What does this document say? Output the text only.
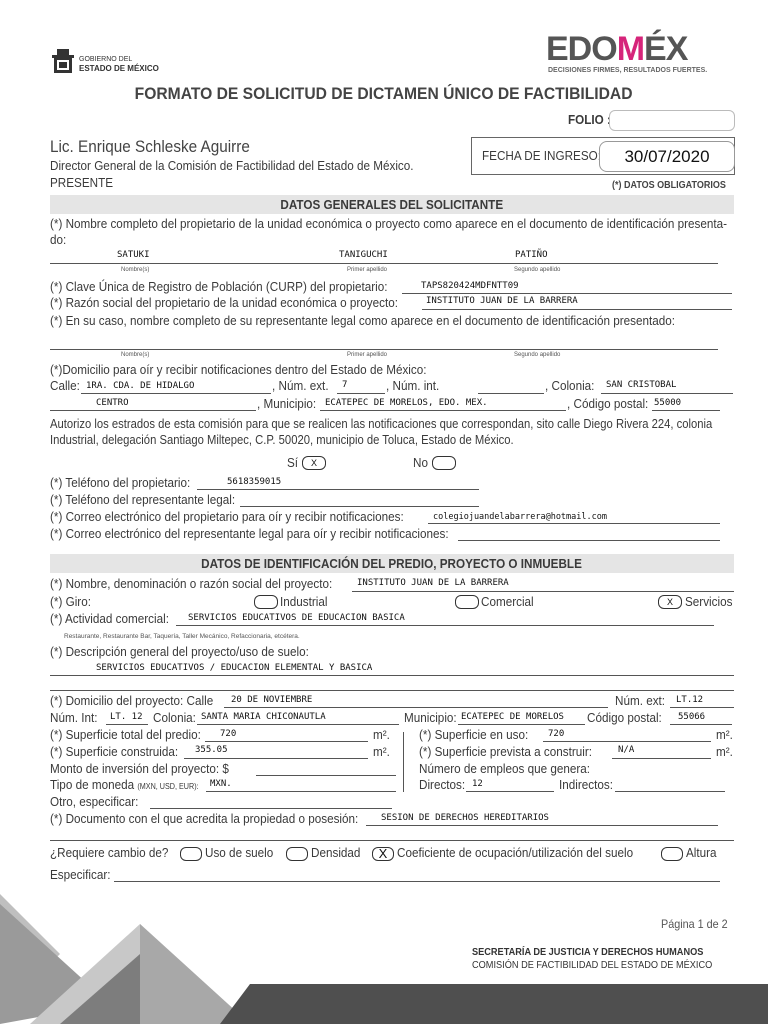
GOBIERNO DEL
ESTADO DE MÉXICO
EDOMÉX
DECISIONES FIRMES, RESULTADOS FUERTES.
FORMATO DE SOLICITUD DE DICTAMEN ÚNICO DE FACTIBILIDAD
FOLIO :
Lic. Enrique Schleske Aguirre
Director General de la Comisión de Factibilidad del Estado de México.
PRESENTE
FECHA DE INGRESO:	30/07/2020
(*) DATOS OBLIGATORIOS
DATOS GENERALES DEL SOLICITANTE
(*) Nombre completo del propietario de la unidad económica o proyecto como aparece en el documento de identificación presenta-
do:
SATUKI	TANIGUCHI	PATIÑO
Nombre(s)	Primer apellido	Segundo apellido
(*) Clave Única de Registro de Población (CURP) del propietario:	TAPS820424MDFNTT09
(*) Razón social del propietario de la unidad económica o proyecto:	INSTITUTO JUAN DE LA BARRERA
(*) En su caso, nombre completo de su representante legal como aparece en el documento de identificación presentado:
Nombre(s)	Primer apellido	Segundo apellido
(*)Domicilio para oír y recibir notificaciones dentro del Estado de México:
Calle: 1RA. CDA. DE HIDALGO	, Núm. ext. 7	, Núm. int.	, Colonia: SAN CRISTOBAL
CENTRO	, Municipio: ECATEPEC DE MORELOS, EDO. MEX.	, Código postal: 55000
Autorizo los estrados de esta comisión para que se realicen las notificaciones que correspondan, sito calle Diego Rivera 224, colonia
Industrial, delegación Santiago Miltepec, C.P. 50020, municipio de Toluca, Estado de México.
Sí	X	No
(*) Teléfono del propietario:	5618359015
(*) Teléfono del representante legal:
(*) Correo electrónico del propietario para oír y recibir notificaciones:	colegiojuandelabarrera@hotmail.com
(*) Correo electrónico del representante legal para oír y recibir notificaciones:
DATOS DE IDENTIFICACIÓN DEL PREDIO, PROYECTO O INMUEBLE
(*) Nombre, denominación o razón social del proyecto:	INSTITUTO JUAN DE LA BARRERA
(*) Giro:	Industrial	Comercial	X Servicios
(*) Actividad comercial: SERVICIOS EDUCATIVOS DE EDUCACION BASICA
Restaurante, Restaurante Bar, Taquería, Taller Mecánico, Refaccionaria, etcétera.
(*) Descripción general del proyecto/uso de suelo:
SERVICIOS EDUCATIVOS / EDUCACION ELEMENTAL Y BASICA
(*) Domicilio del proyecto: Calle 20 DE NOVIEMBRE	Núm. ext: LT.12
Núm. Int: LT. 12 Colonia: SANTA MARIA CHICONAUTLA	Municipio: ECATEPEC DE MORELOS Código postal: 55066
(*) Superficie total del predio: 720	m². (*) Superficie en uso: 720	m².
(*) Superficie construida: 355.05	m². (*) Superficie prevista a construir:	N/A	m².
Monto de inversión del proyecto: $	Número de empleos que genera:
Tipo de moneda (MXN, USD, EUR): MXN.	Directos: 12	Indirectos:
Otro, especificar:
(*) Documento con el que acredita la propiedad o posesión:	SESION DE DERECHOS HEREDITARIOS
¿Requiere cambio de?	Uso de suelo	Densidad	X Coeficiente de ocupación/utilización del suelo	Altura
Especificar:
Página 1 de 2
SECRETARÍA DE JUSTICIA Y DERECHOS HUMANOS
COMISIÓN DE FACTIBILIDAD DEL ESTADO DE MÉXICO
